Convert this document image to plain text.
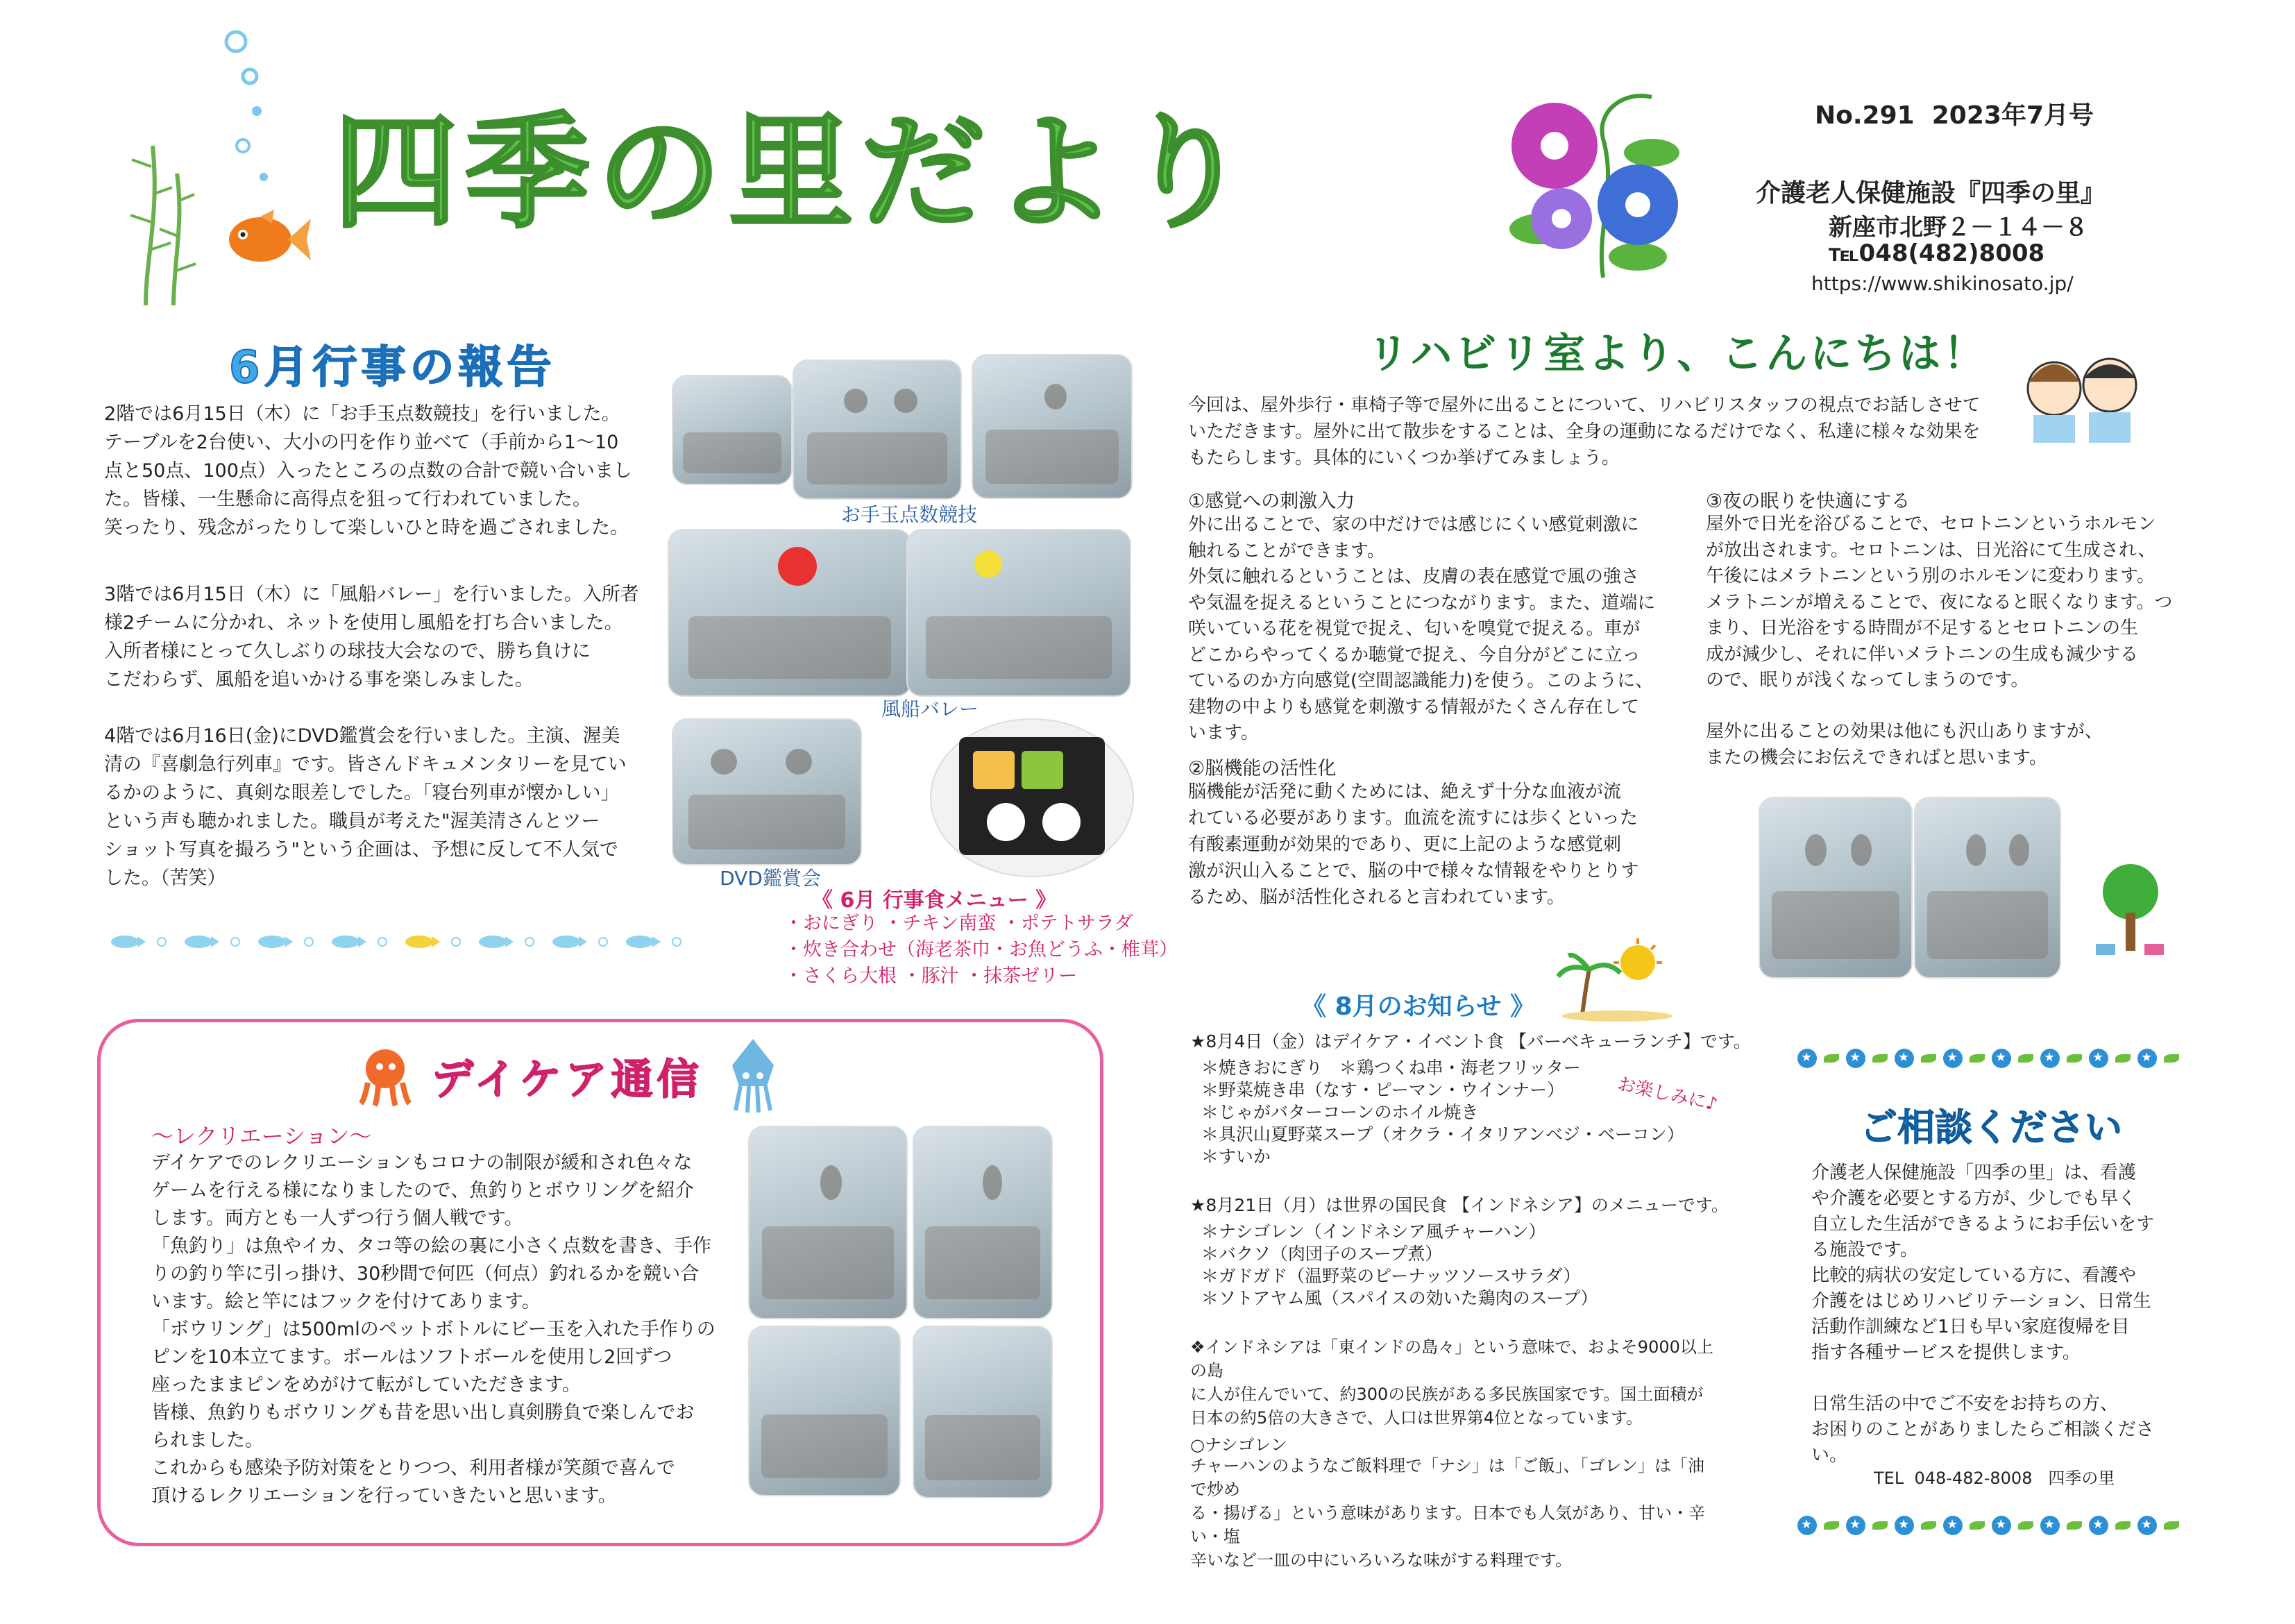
四季の里だより	No.291  2023年7月号
介護老人保健施設『四季の里』
新座市北野２－１４－８
℡048(482)8008
https://www.shikinosato.jp/
6月行事の報告

2階では6月15日（木）に「お手玉点数競技」を行いました。
テーブルを2台使い、大小の円を作り並べて（手前から1～10
点と50点、100点）入ったところの点数の合計で競い合いまし
た。皆様、一生懸命に高得点を狙って行われていました。
笑ったり、残念がったりして楽しいひと時を過ごされました。

3階では6月15日（木）に「風船バレー」を行いました。入所者
様2チームに分かれ、ネットを使用し風船を打ち合いました。
入所者様にとって久しぶりの球技大会なので、勝ち負けに
こだわらず、風船を追いかける事を楽しみました。

4階では6月16日(金)にDVD鑑賞会を行いました。主演、渥美
清の『喜劇急行列車』です。皆さんドキュメンタリーを見てい
るかのように、真剣な眼差しでした。「寝台列車が懐かしい」
という声も聴かれました。職員が考えた"渥美清さんとツー
ショット写真を撮ろう"という企画は、予想に反して不人気で
した。（苦笑）

お手玉点数競技
風船バレー
DVD鑑賞会
《 6月 行事食メニュー 》
・おにぎり ・チキン南蛮 ・ポテトサラダ
・炊き合わせ（海老茶巾・お魚どうふ・椎茸）
・さくら大根 ・豚汁 ・抹茶ゼリー
デイケア通信
～レクリエーション～

デイケアでのレクリエーションもコロナの制限が緩和され色々な
ゲームを行える様になりましたので、魚釣りとボウリングを紹介
します。両方とも一人ずつ行う個人戦です。
「魚釣り」は魚やイカ、タコ等の絵の裏に小さく点数を書き、手作
りの釣り竿に引っ掛け、30秒間で何匹（何点）釣れるかを競い合
います。絵と竿にはフックを付けてあります。
「ボウリング」は500mlのペットボトルにビー玉を入れた手作りの
ピンを10本立てます。ボールはソフトボールを使用し2回ずつ
座ったままピンをめがけて転がしていただきます。
皆様、魚釣りもボウリングも昔を思い出し真剣勝負で楽しんでお
られました。
これからも感染予防対策をとりつつ、利用者様が笑顔で喜んで
頂けるレクリエーションを行っていきたいと思います。

リハビリ室より、こんにちは！

今回は、屋外歩行・車椅子等で屋外に出ることについて、リハビリスタッフの視点でお話しさせて
いただきます。屋外に出て散歩をすることは、全身の運動になるだけでなく、私達に様々な効果を
もたらします。具体的にいくつか挙げてみましょう。

①感覚への刺激入力

外に出ることで、家の中だけでは感じにくい感覚刺激に
触れることができます。
外気に触れるということは、皮膚の表在感覚で風の強さ
や気温を捉えるということにつながります。また、道端に
咲いている花を視覚で捉え、匂いを嗅覚で捉える。車が
どこからやってくるか聴覚で捉え、今自分がどこに立っ
ているのか方向感覚(空間認識能力)を使う。このように、
建物の中よりも感覚を刺激する情報がたくさん存在して
います。

②脳機能の活性化

脳機能が活発に動くためには、絶えず十分な血液が流
れている必要があります。血流を流すには歩くといった
有酸素運動が効果的であり、更に上記のような感覚刺
激が沢山入ることで、脳の中で様々な情報をやりとりす
るため、脳が活性化されると言われています。

③夜の眠りを快適にする

屋外で日光を浴びることで、セロトニンというホルモン
が放出されます。セロトニンは、日光浴にて生成され、
午後にはメラトニンという別のホルモンに変わります。
メラトニンが増えることで、夜になると眠くなります。つ
まり、日光浴をする時間が不足するとセロトニンの生
成が減少し、それに伴いメラトニンの生成も減少する
ので、眠りが浅くなってしまうのです。

屋外に出ることの効果は他にも沢山ありますが、
またの機会にお伝えできればと思います。

《 8月のお知らせ 》
お楽しみに♪
★8月4日（金）はデイケア・イベント食 【バーベキューランチ】です。
＊焼きおにぎり   ＊鶏つくね串・海老フリッター
＊野菜焼き串（なす・ピーマン・ウインナー）
＊じゃがバターコーンのホイル焼き
＊具沢山夏野菜スープ（オクラ・イタリアンベジ・ベーコン）
＊すいか
★8月21日（月）は世界の国民食 【インドネシア】のメニューです。
＊ナシゴレン（インドネシア風チャーハン）
＊バクソ（肉団子のスープ煮）
＊ガドガド（温野菜のピーナッツソースサラダ）
＊ソトアヤム風（スパイスの効いた鶏肉のスープ）

❖インドネシアは「東インドの島々」という意味で、およそ9000以上の島
に人が住んでいて、約300の民族がある多民族国家です。国土面積が
日本の約5倍の大きさで、人口は世界第4位となっています。

○ナシゴレン

チャーハンのようなご飯料理で「ナシ」は「ご飯」、「ゴレン」は「油で炒め
る・揚げる」という意味があります。日本でも人気があり、甘い・辛い・塩
辛いなど一皿の中にいろいろな味がする料理です。

★
★
★
★
★
★
★
★
ご相談ください

介護老人保健施設「四季の里」は、看護
や介護を必要とする方が、少しでも早く
自立した生活ができるようにお手伝いをす
る施設です。
比較的病状の安定している方に、看護や
介護をはじめリハビリテーション、日常生
活動作訓練など1日も早い家庭復帰を目
指す各種サービスを提供します。

日常生活の中でご不安をお持ちの方、
お困りのことがありましたらご相談ください。

TEL  048-482-8008   四季の里
★
★
★
★
★
★
★
★
